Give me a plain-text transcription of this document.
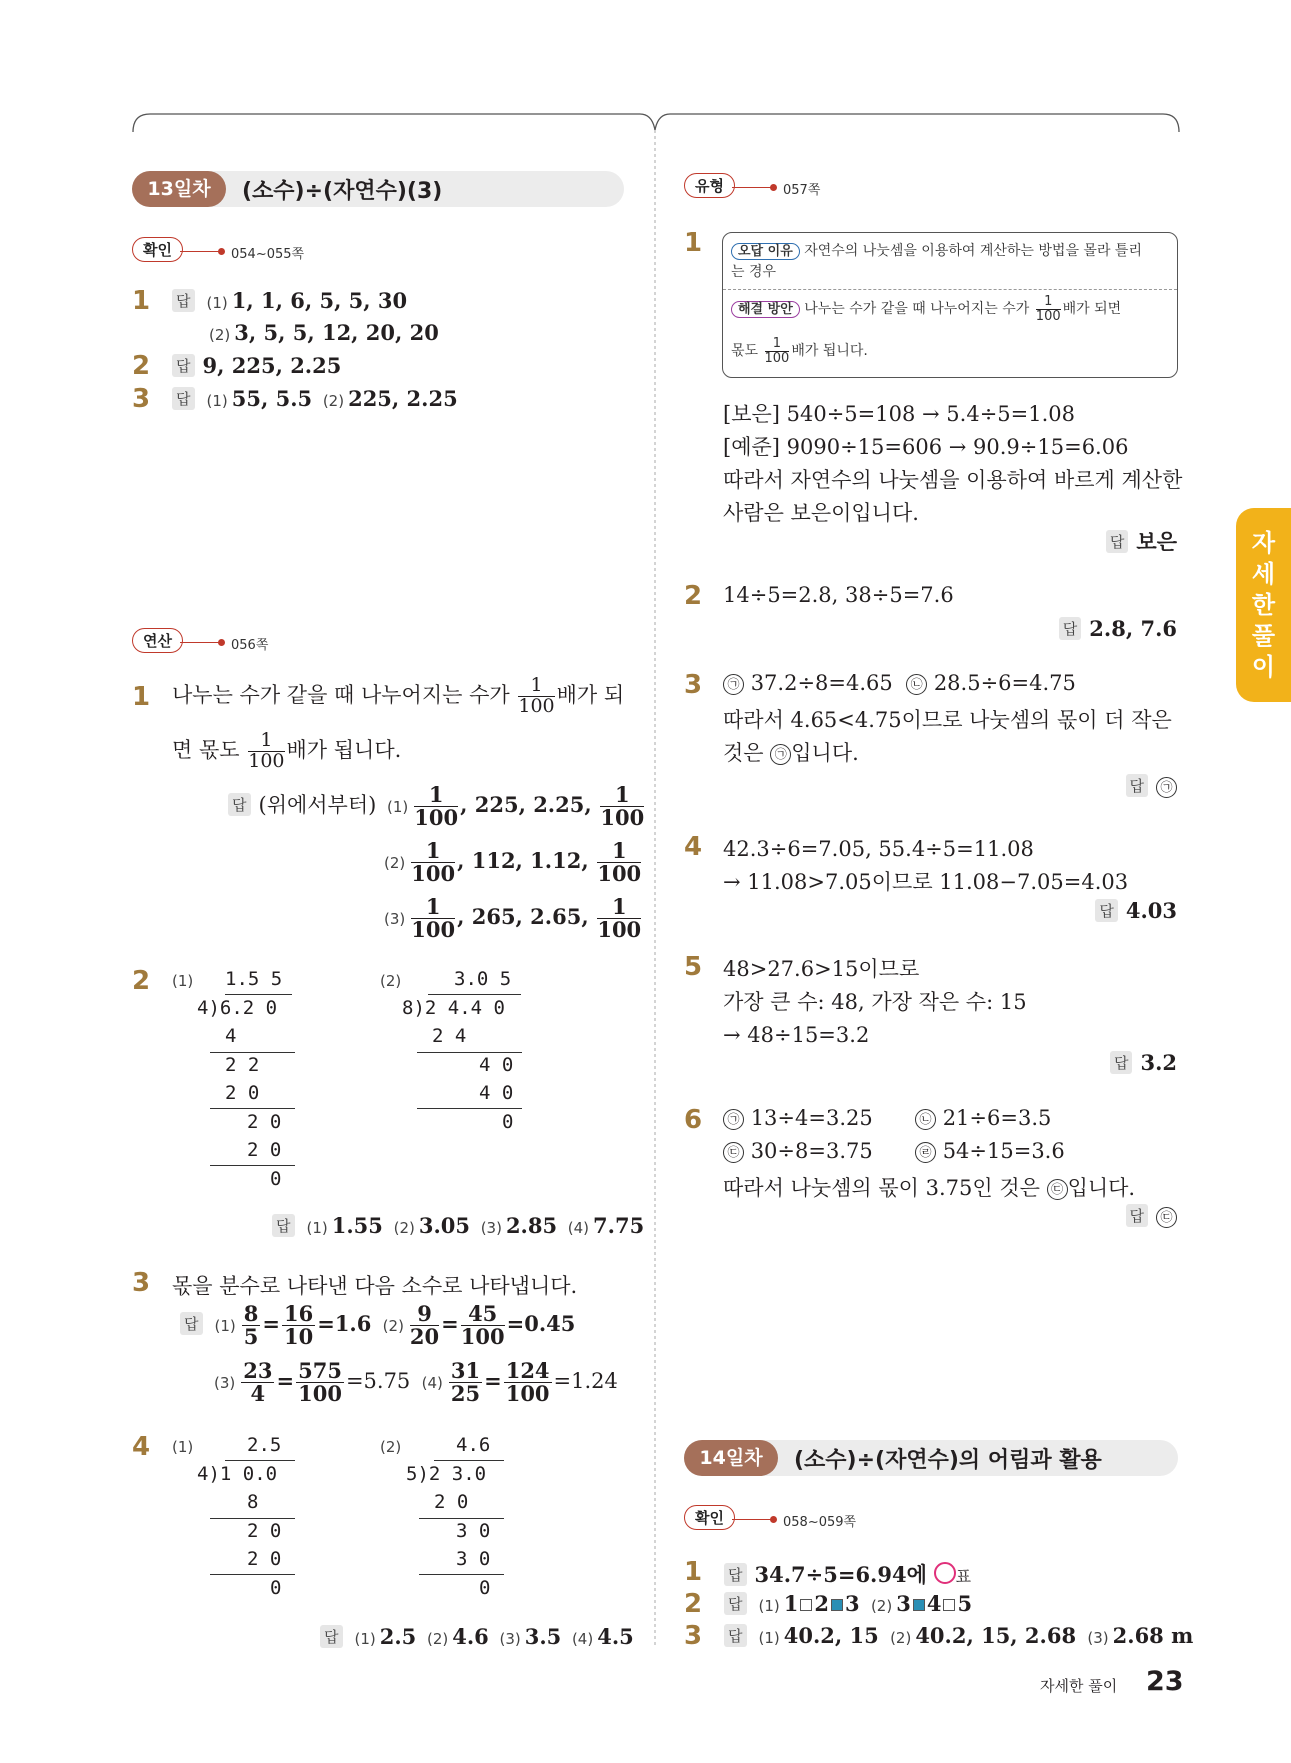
자
세
한
풀
이
13일차	(소수)÷(자연수)(3)
확인	054~055쪽
1 답 (1) 1, 1, 6, 5, 5, 30
(2) 3, 5, 5, 12, 20, 20
2 답 9, 225, 2.25
3 답 (1) 55, 5.5 (2) 225, 2.25
연산	056쪽
1 나누는 수가 같을 때 나누어지는 수가 $\frac{1}{100}$ 배가 되
면 몫도 $\frac{1}{100}$ 배가 됩니다.
답 (위에서부터) $(1) \frac{1}{100}$ , 225, 2.25, $\frac{1}{100}$
$(2) \frac{1}{100}$ , 112, 1.12, $\frac{1}{100}$
$(3) \frac{1}{100}$ , 265, 2.65, $\frac{1}{100}$
2 (1) 1.5 5
4)6.2 0
4
2 2
2 0
2 0
2 0
0
(2)	3.0 5
8)2 4.4 0
2 4
4 0
4 0
0
답 (1) 1.55 (2) 3.05 (3) 2.85 (4) 7.75
3 몫을 분수로 나타낸 다음 소수로 나타냅니다.
답 $(1) \frac{8}{5} = \frac{16}{10} =1.6$ $(2) \frac{9}{20} = \frac{45}{100} =0.45$
$(3) \frac{23}{4} = \frac{575}{100} =5.75$ $(4) \frac{31}{25} = \frac{124}{100} =1.24$
4 (1)	2.5
4)1 0.0
8
2 0
2 0
0
(2)	4.6
5)2 3.0
2 0
3 0
3 0
0
답 (1) 2.5 (2) 4.6 (3) 3.5 (4) 4.5
유형	057쪽
1	오답 이유 자연수의 나눗셈을 이용하여 계산하는 방법을 몰라 틀리
는 경우
해결 방안 나누는 수가 같을 때 나누어지는 수가 $\frac{1}{100}$ 배가 되면
몫도 $\frac{1}{100}$ 배가 됩니다.
[보은] 540÷5=108 → 5.4÷5=1.08
[예준] 9090÷15=606 → 90.9÷15=6.06
따라서 자연수의 나눗셈을 이용하여 바르게 계산한
사람은 보은이입니다.
답 보은
2 14÷5=2.8, 38÷5=7.6
답 2.8, 7.6
3	㉠ 37.2÷8=4.65 ㉡ 28.5÷6=4.75
따라서 4.65<4.75이므로 나눗셈의 몫이 더 작은
것은 ㉠ 입니다.
답 ㉠
4 42.3÷6=7.05, 55.4÷5=11.08
→ 11.08>7.05이므로 11.08−7.05=4.03
답 4.03
5 48>27.6>15이므로
가장 큰 수: 48, 가장 작은 수: 15
→ 48÷15=3.2
답 3.2
6	㉠ 13÷4=3.25	㉡ 21÷6=3.5
㉢ 30÷8=3.75	㉣ 54÷15=3.6
따라서 나눗셈의 몫이 3.75인 것은 ㉢ 입니다.
답 ㉢
14일차	(소수)÷(자연수)의 어림과 활용
확인	058~059쪽
1 답 34.7÷5=6.94에 ○표
2 답 (1) 1 2 3 (2) 3 4 5
3 답 (1) 40.2, 15 (2) 40.2, 15, 2.68 (3) 2.68 m
자세한 풀이 23
